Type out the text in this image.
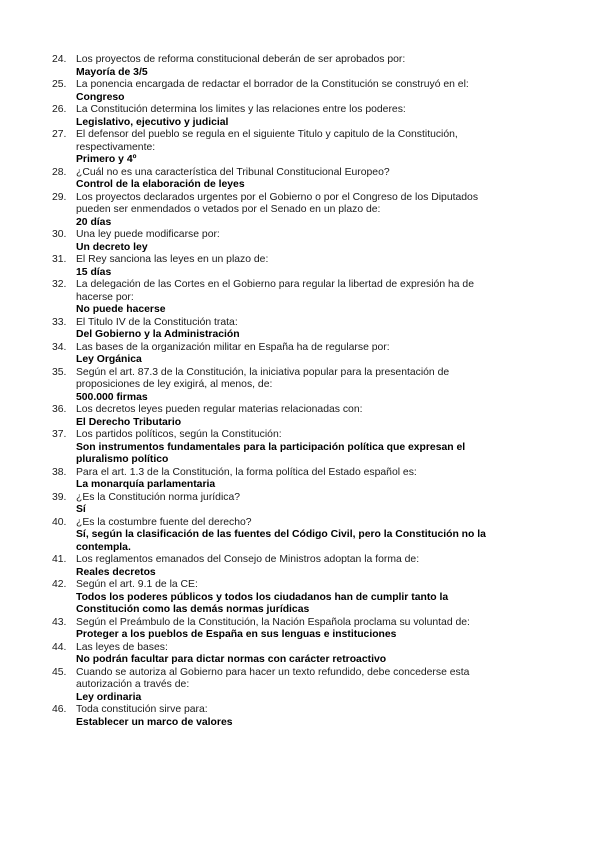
24. Los proyectos de reforma constitucional deberán de ser aprobados por:
Mayoría de 3/5
25. La ponencia encargada de redactar el borrador de la Constitución se construyó en el:
Congreso
26. La Constitución determina los limites y las relaciones entre los poderes:
Legislativo, ejecutivo y judicial
27. El defensor del pueblo se regula en el siguiente Titulo y capitulo de la Constitución, respectivamente:
Primero y 4º
28. ¿Cuál no es una característica del Tribunal Constitucional Europeo?
Control de la elaboración de leyes
29. Los proyectos declarados urgentes por el Gobierno o por el Congreso de los Diputados pueden ser enmendados o vetados por el Senado en un plazo de:
20 días
30. Una ley puede modificarse por:
Un decreto ley
31. El Rey sanciona las leyes en un plazo de:
15 días
32. La delegación de las Cortes en el Gobierno para regular la libertad de expresión ha de hacerse por:
No puede hacerse
33. El Titulo IV de la Constitución trata:
Del Gobierno y la Administración
34. Las bases de la organización militar en España ha de regularse por:
Ley Orgánica
35. Según el art. 87.3 de la Constitución, la iniciativa popular para la presentación de proposiciones de ley exigirá, al menos, de:
500.000 firmas
36. Los decretos leyes pueden regular materias relacionadas con:
El Derecho Tributario
37. Los partidos políticos, según la Constitución:
Son instrumentos fundamentales para la participación política que expresan el pluralismo político
38. Para el art. 1.3 de la Constitución, la forma política del Estado español es:
La monarquía parlamentaria
39. ¿Es la Constitución norma jurídica?
Sí
40. ¿Es la costumbre fuente del derecho?
Sí, según la clasificación de las fuentes del Código Civil, pero la Constitución no la contempla.
41. Los reglamentos emanados del Consejo de Ministros adoptan la forma de:
Reales decretos
42. Según el art. 9.1 de la CE:
Todos los poderes públicos y todos los ciudadanos han de cumplir tanto la Constitución como las demás normas jurídicas
43. Según el Preámbulo de la Constitución, la Nación Española proclama su voluntad de:
Proteger a los pueblos de España en sus lenguas e instituciones
44. Las leyes de bases:
No podrán facultar para dictar normas con carácter retroactivo
45. Cuando se autoriza al Gobierno para hacer un texto refundido, debe concederse esta autorización a través de:
Ley ordinaria
46. Toda constitución sirve para:
Establecer un marco de valores
